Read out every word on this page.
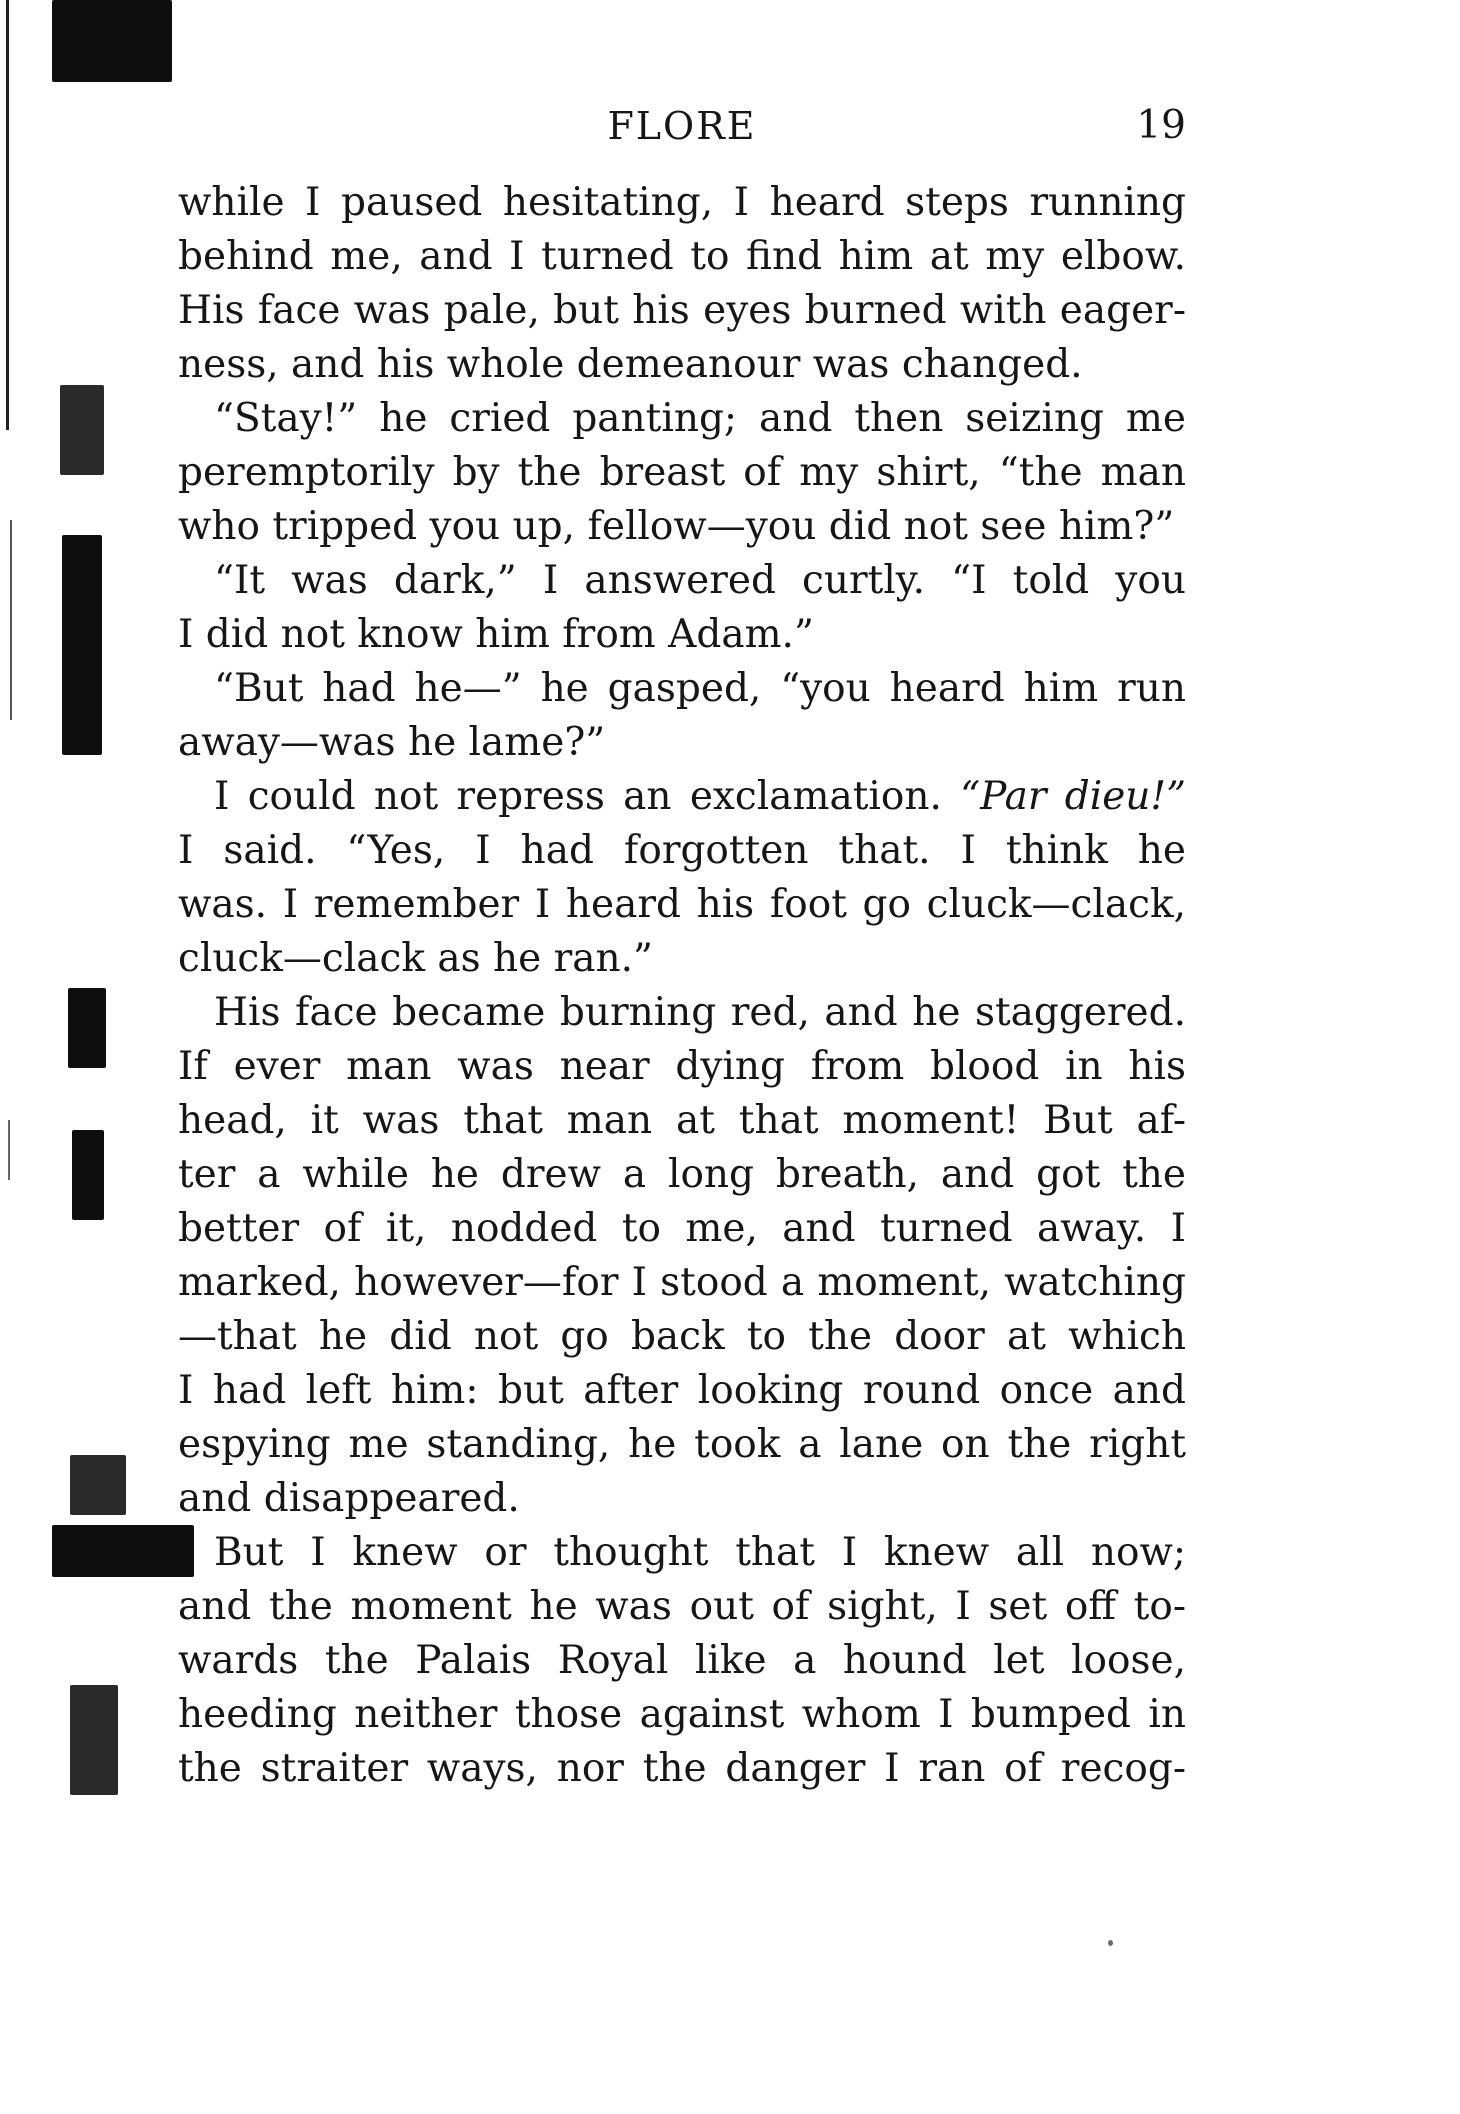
FLORE	19

while I paused hesitating, I heard steps running

behind me, and I turned to find him at my elbow.

His face was pale, but his eyes burned with eager-

ness, and his whole demeanour was changed.

“Stay!” he cried panting; and then seizing me

peremptorily by the breast of my shirt, “the man

who tripped you up, fellow—you did not see him?”

“It was dark,” I answered curtly. “I told you

I did not know him from Adam.”

“But had he—” he gasped, “you heard him run

away—was he lame?”

I could not repress an exclamation. “Par dieu!”

I said. “Yes, I had forgotten that. I think he

was. I remember I heard his foot go cluck—clack,

cluck—clack as he ran.”

His face became burning red, and he staggered.

If ever man was near dying from blood in his

head, it was that man at that moment! But af-

ter a while he drew a long breath, and got the

better of it, nodded to me, and turned away. I

marked, however—for I stood a moment, watching

—that he did not go back to the door at which

I had left him: but after looking round once and

espying me standing, he took a lane on the right

and disappeared.

But I knew or thought that I knew all now;

and the moment he was out of sight, I set off to-

wards the Palais Royal like a hound let loose,

heeding neither those against whom I bumped in

the straiter ways, nor the danger I ran of recog-
